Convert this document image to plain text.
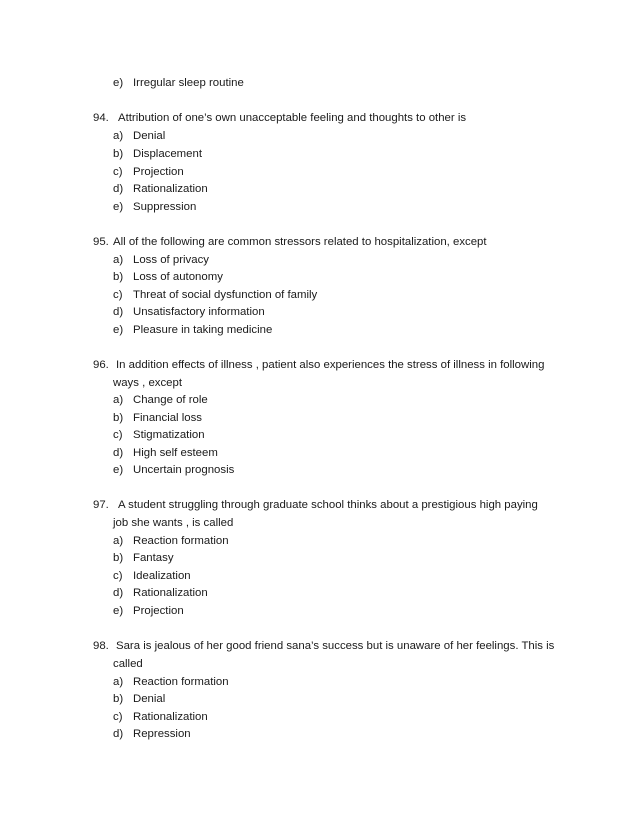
e) Irregular sleep routine
94. Attribution of one’s own unacceptable feeling and thoughts to other is
a) Denial
b) Displacement
c) Projection
d) Rationalization
e) Suppression
95. All of the following are common stressors related to hospitalization, except
a) Loss of privacy
b) Loss of autonomy
c) Threat of social dysfunction of family
d) Unsatisfactory information
e) Pleasure in taking medicine
96. In addition effects of illness , patient also experiences the stress of illness in following
ways , except
a) Change of role
b) Financial loss
c) Stigmatization
d) High self esteem
e) Uncertain prognosis
97. A student struggling through graduate school thinks about a prestigious high paying
job she wants , is called
a) Reaction formation
b) Fantasy
c) Idealization
d) Rationalization
e) Projection
98. Sara is jealous of her good friend sana’s success but is unaware of her feelings. This is
called
a) Reaction formation
b) Denial
c) Rationalization
d) Repression
